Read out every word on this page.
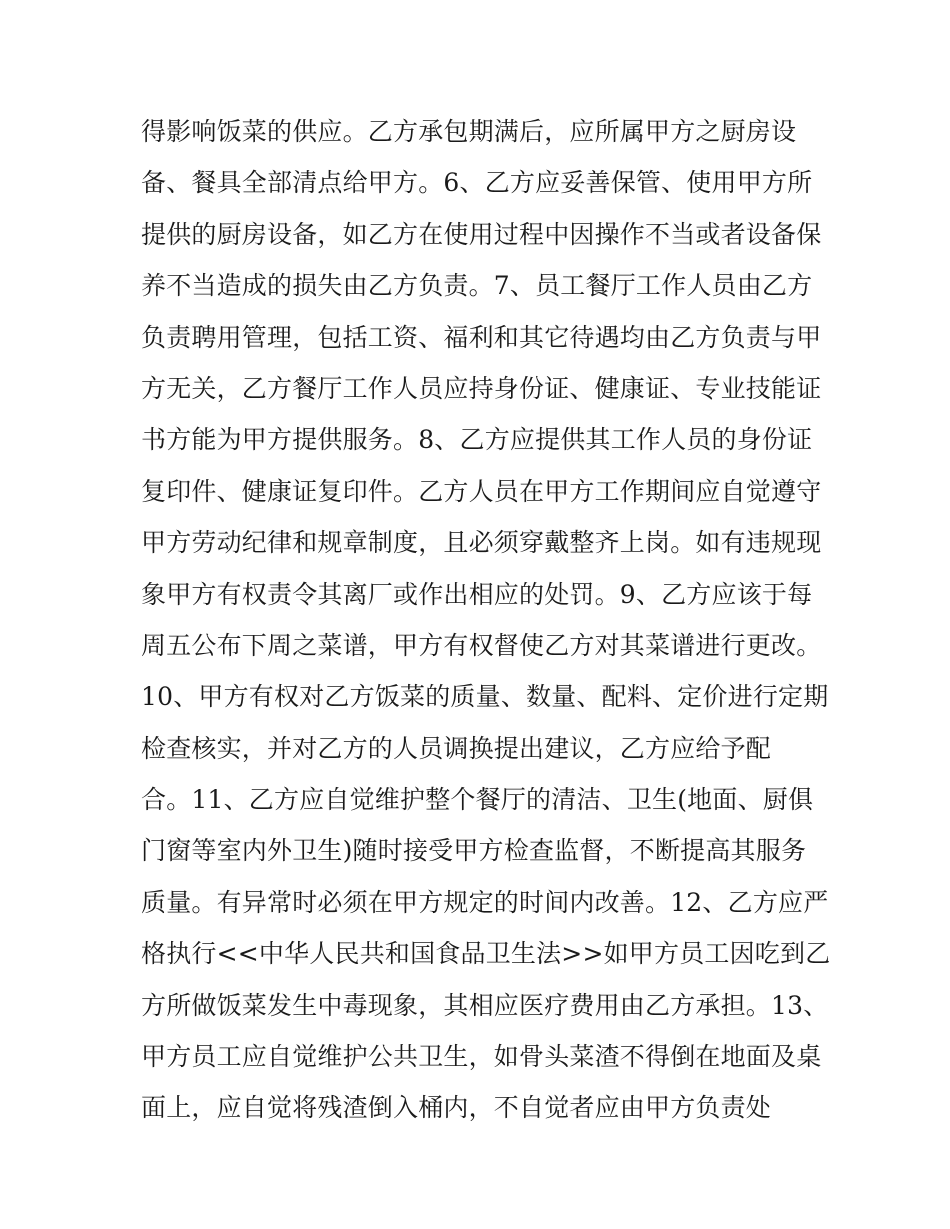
得影响饭菜的供应。乙方承包期满后，应所属甲方之厨房设
备、餐具全部清点给甲方。6、乙方应妥善保管、使用甲方所
提供的厨房设备，如乙方在使用过程中因操作不当或者设备保
养不当造成的损失由乙方负责。7、员工餐厅工作人员由乙方
负责聘用管理，包括工资、福利和其它待遇均由乙方负责与甲
方无关，乙方餐厅工作人员应持身份证、健康证、专业技能证
书方能为甲方提供服务。8、乙方应提供其工作人员的身份证
复印件、健康证复印件。乙方人员在甲方工作期间应自觉遵守
甲方劳动纪律和规章制度，且必须穿戴整齐上岗。如有违规现
象甲方有权责令其离厂或作出相应的处罚。9、乙方应该于每
周五公布下周之菜谱，甲方有权督使乙方对其菜谱进行更改。
10、甲方有权对乙方饭菜的质量、数量、配料、定价进行定期
检查核实，并对乙方的人员调换提出建议，乙方应给予配
合。11、乙方应自觉维护整个餐厅的清洁、卫生(地面、厨俱
门窗等室内外卫生)随时接受甲方检查监督，不断提高其服务
质量。有异常时必须在甲方规定的时间内改善。12、乙方应严
格执行<<中华人民共和国食品卫生法>>如甲方员工因吃到乙
方所做饭菜发生中毒现象，其相应医疗费用由乙方承担。13、
甲方员工应自觉维护公共卫生，如骨头菜渣不得倒在地面及桌
面上，应自觉将残渣倒入桶内，不自觉者应由甲方负责处
